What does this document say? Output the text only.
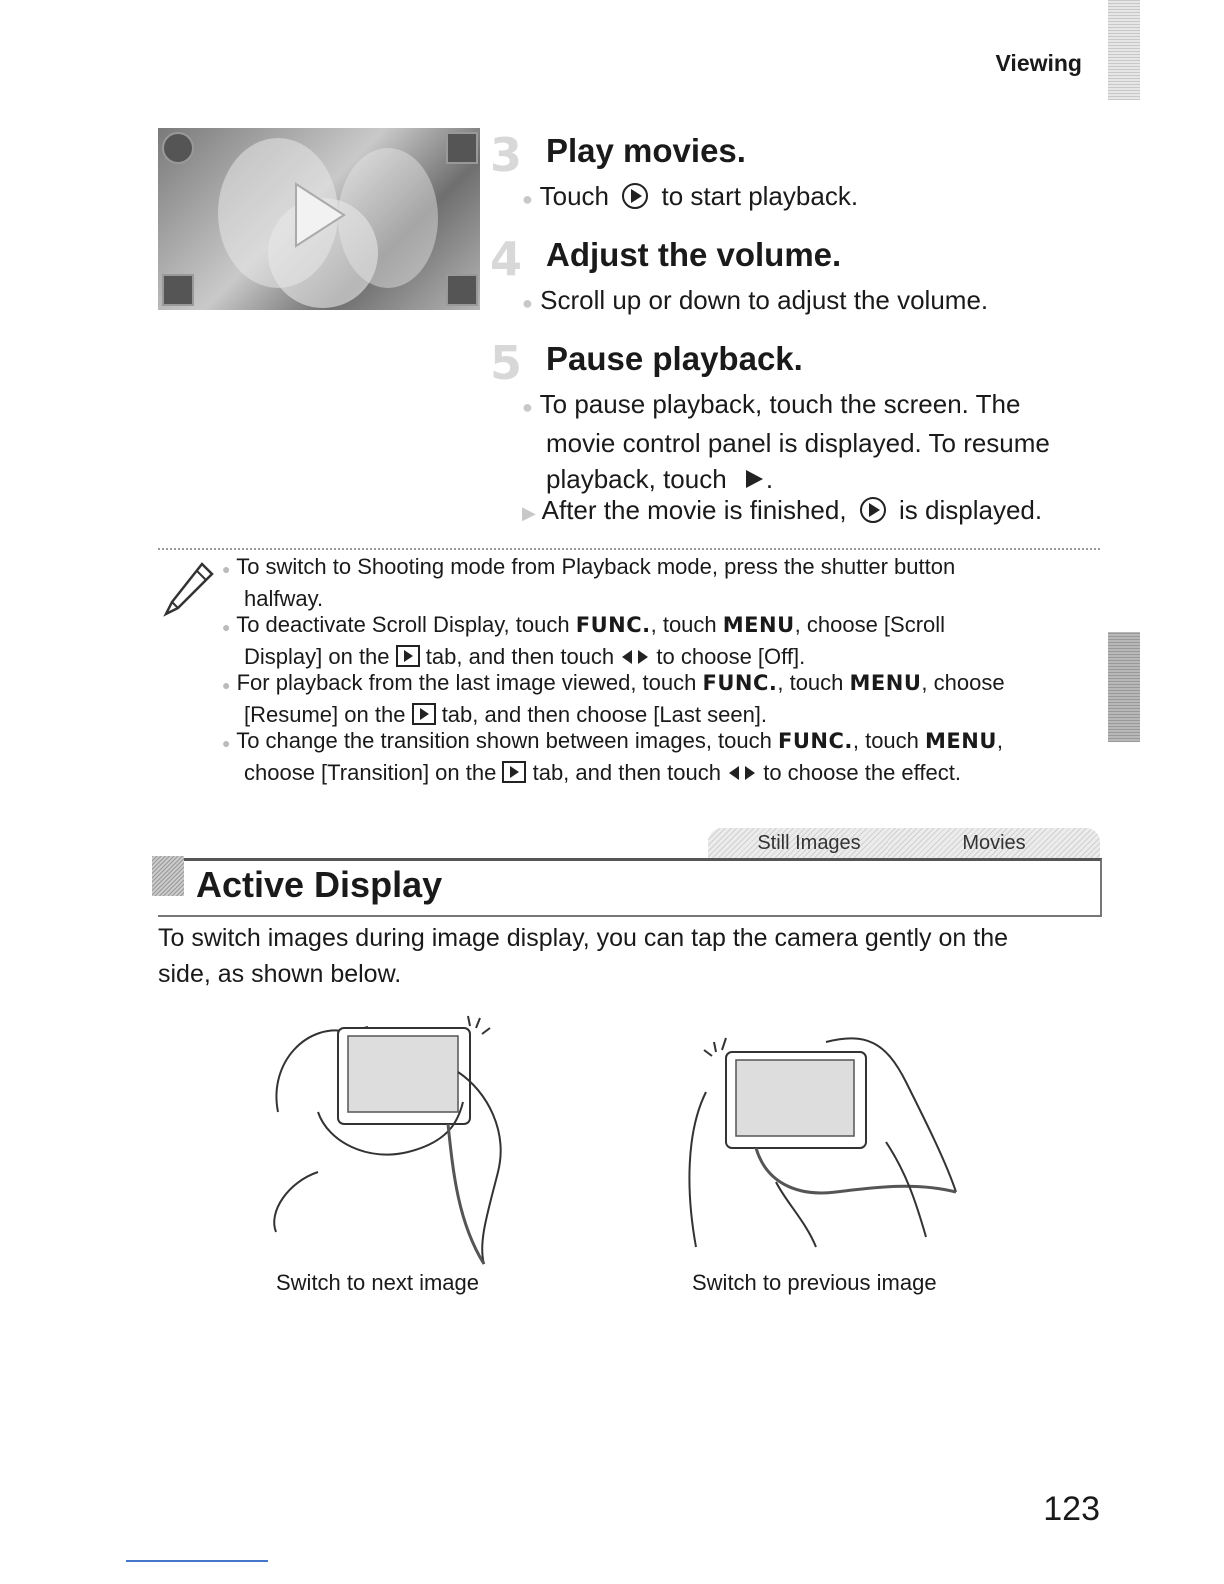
Viewing
3 Play movies.
● Touch to start playback.
4 Adjust the volume.
● Scroll up or down to adjust the volume.
5 Pause playback.
● To pause playback, touch the screen. The
movie control panel is displayed. To resume
playback, touch .
▶ After the movie is finished, is displayed.
● To switch to Shooting mode from Playback mode, press the shutter button
halfway.
● To deactivate Scroll Display, touch FUNC., touch MENU, choose [Scroll
Display] on the tab, and then touch to choose [Off].
● For playback from the last image viewed, touch FUNC., touch MENU, choose
[Resume] on the tab, and then choose [Last seen].
● To change the transition shown between images, touch FUNC., touch MENU,
choose [Transition] on the tab, and then touch to choose the effect.
Still Images	Movies
Active Display
To switch images during image display, you can tap the camera gently on the
side, as shown below.
Switch to next image	Switch to previous image
123
